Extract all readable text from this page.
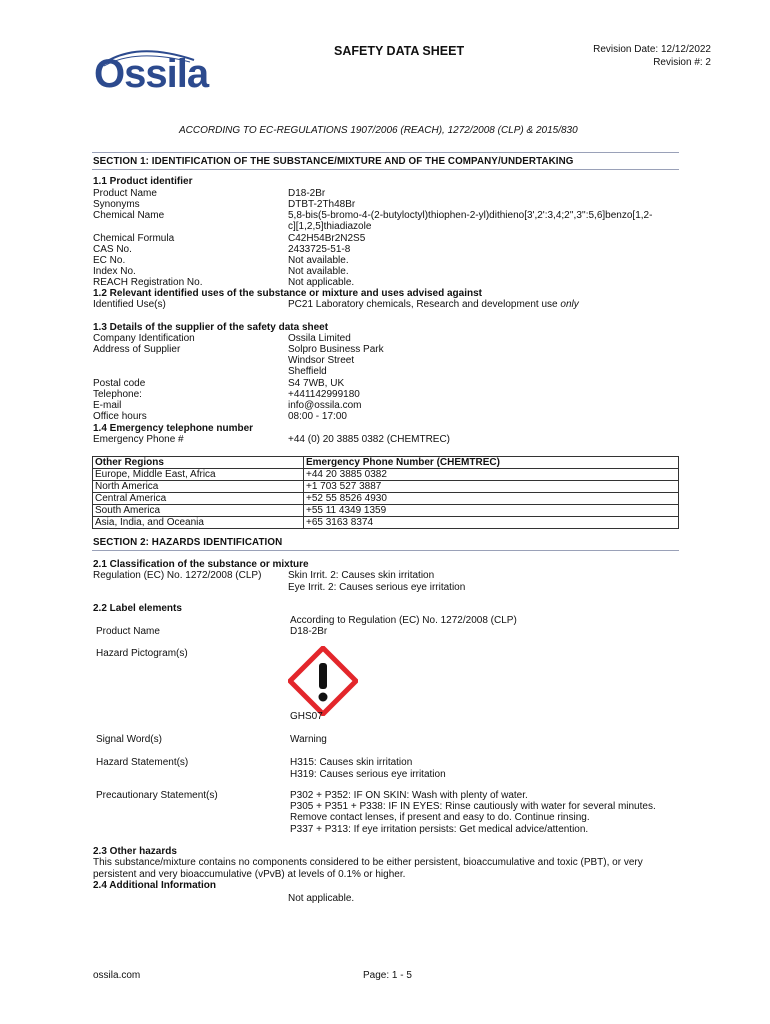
Ossila
SAFETY DATA SHEET	Revision Date: 12/12/2022
Revision #: 2
ACCORDING TO EC-REGULATIONS 1907/2006 (REACH), 1272/2008 (CLP) & 2015/830
SECTION 1: IDENTIFICATION OF THE SUBSTANCE/MIXTURE AND OF THE COMPANY/UNDERTAKING
1.1 Product identifier
Product Name	D18-2Br
Synonyms	DTBT-2Th48Br
Chemical Name	5,8-bis(5-bromo-4-(2-butyloctyl)thiophen-2-yl)dithieno[3',2':3,4;2'',3'':5,6]benzo[1,2-
c][1,2,5]thiadiazole
Chemical Formula	C42H54Br2N2S5
CAS No.	2433725-51-8
EC No.	Not available.
Index No.	Not available.
REACH Registration No.	Not applicable.
1.2 Relevant identified uses of the substance or mixture and uses advised against
Identified Use(s)	PC21 Laboratory chemicals, Research and development use only
1.3 Details of the supplier of the safety data sheet
Company Identification	Ossila Limited
Address of Supplier	Solpro Business Park
Windsor Street
Sheffield
Postal code	S4 7WB, UK
Telephone:	+441142999180
E-mail	info@ossila.com
Office hours	08:00 - 17:00
1.4 Emergency telephone number
Emergency Phone #	+44 (0) 20 3885 0382 (CHEMTREC)
Other Regions	Emergency Phone Number (CHEMTREC)
Europe, Middle East, Africa	+44 20 3885 0382
North America	+1 703 527 3887
Central America	+52 55 8526 4930
South America	+55 11 4349 1359
Asia, India, and Oceania	+65 3163 8374
SECTION 2: HAZARDS IDENTIFICATION
2.1 Classification of the substance or mixture
Regulation (EC) No. 1272/2008 (CLP)	Skin Irrit. 2: Causes skin irritation
Eye Irrit. 2: Causes serious eye irritation
2.2 Label elements
According to Regulation (EC) No. 1272/2008 (CLP)
Product Name	D18-2Br
Hazard Pictogram(s)
GHS07
Signal Word(s)	Warning
Hazard Statement(s)	H315: Causes skin irritation
H319: Causes serious eye irritation
Precautionary Statement(s)	P302 + P352: IF ON SKIN: Wash with plenty of water.
P305 + P351 + P338: IF IN EYES: Rinse cautiously with water for several minutes.
Remove contact lenses, if present and easy to do. Continue rinsing.
P337 + P313: If eye irritation persists: Get medical advice/attention.
2.3 Other hazards
This substance/mixture contains no components considered to be either persistent, bioaccumulative and toxic (PBT), or very
persistent and very bioaccumulative (vPvB) at levels of 0.1% or higher.
2.4 Additional Information
Not applicable.
ossila.com	Page: 1 - 5
